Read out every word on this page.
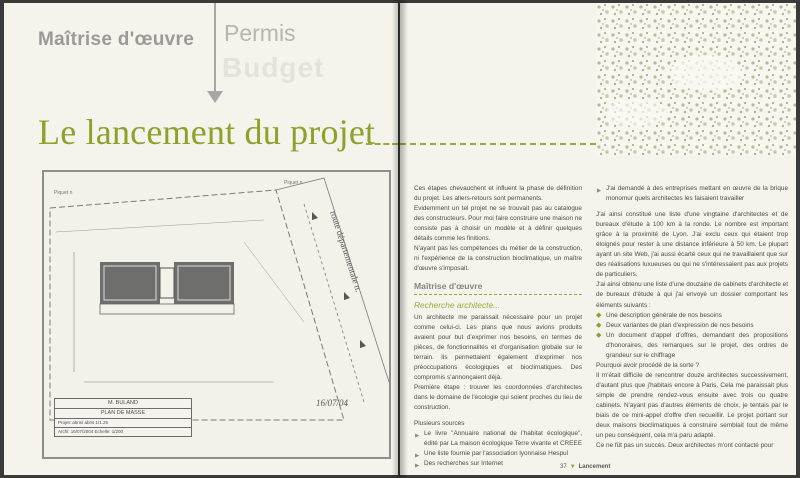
Maîtrise d'œuvre Permis
Budget
Le lancement du projet
route départementale n.
Piquet n
Piquet n
M. BULAND
PLAN DE MASSE
Projet: abris/ abris 1/1.25
Archi: 16/07/2004 Echelle: 1/200
16/07/04

Ces étapes chevauchent et influent la phase de définition du projet. Les allers-retours sont permanents.

Evidemment un tel projet ne se trouvait pas au catalogue des constructeurs. Pour moi faire construire une maison ne consiste pas à choisir un modèle et à définir quelques détails comme les finitions.

N'ayant pas les compétences du métier de la construction, ni l'expérience de la construction bioclimatique, un maître d'œuvre s'imposait.

Maîtrise d'œuvre

Recherche architecte...

Un architecte me paraissait nécessaire pour un projet comme celui-ci. Les plans que nous avions produits avaient pour but d'exprimer nos besoins, en termes de pièces, de fonctionnalités et d'organisation globale sur le terrain. Ils permettaient également d'exprimer nos préoccupations écologiques et bioclimatiques. Des compromis s'annonçaient déjà.

Première étape : trouver les coordonnées d'architectes dans le domaine de l'écologie qui soient proches du lieu de construction.

Plusieurs sources

▶ Le livre "Annuaire national de l'habitat écologique", édité par La maison écologique Terre vivante et CREEE

▶ Une liste fournie par l'association lyonnaise Hespul

▶ Des recherches sur Internet

▶ J'ai demandé à des entreprises mettant en œuvre de la brique monomur quels architectes les faisaient travailler

J'ai ainsi constitué une liste d'une vingtaine d'architectes et de bureaux d'étude à 100 km à la ronde. Le nombre est important grâce à la proximité de Lyon. J'ai exclu ceux qui étaient trop éloignés pour rester à une distance inférieure à 50 km. Le plupart ayant un site Web, j'ai aussi écarté ceux qui ne travaillaient que sur des réalisations luxueuses ou qui ne s'intéressaient pas aux projets de particuliers.

J'ai ainsi obtenu une liste d'une douzaine de cabinets d'architecte et de bureaux d'étude à qui j'ai envoyé un dossier comportant les éléments suivants :

◆ Une description générale de nos besoins

◆ Deux variantes de plan d'expression de nos besoins

◆ Un document d'appel d'offres, demandant des propositions d'honoraires, des remarques sur le projet, des ordres de grandeur sur le chiffrage

Pourquoi avoir procédé de la sorte ?

Il m'était difficile de rencontrer douze architectes successivement, d'autant plus que j'habitais encore à Paris. Cela me paraissait plus simple de prendre rendez-vous ensuite avec trois ou quatre cabinets. N'ayant pas d'autres éléments de choix, je tentais par le biais de ce mini-appel d'offre d'en recueillir. Le projet portant sur deux maisons bioclimatiques à construire semblait tout de même un peu conséquent, cela m'a paru adapté.

Ce ne fût pas un succès. Deux architectes m'ont contacté pour

37 ▼ Lancement
